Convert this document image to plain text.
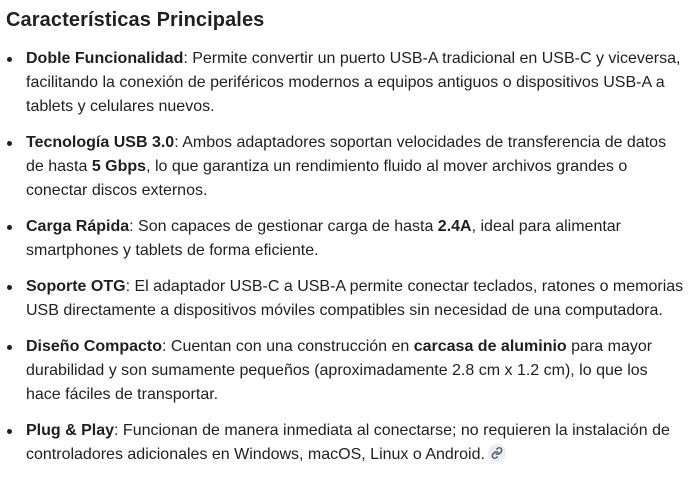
Características Principales
Doble Funcionalidad: Permite convertir un puerto USB-A tradicional en USB-C y viceversa, facilitando la conexión de periféricos modernos a equipos antiguos o dispositivos USB-A a tablets y celulares nuevos.
Tecnología USB 3.0: Ambos adaptadores soportan velocidades de transferencia de datos de hasta 5 Gbps, lo que garantiza un rendimiento fluido al mover archivos grandes o conectar discos externos.
Carga Rápida: Son capaces de gestionar carga de hasta 2.4A, ideal para alimentar smartphones y tablets de forma eficiente.
Soporte OTG: El adaptador USB-C a USB-A permite conectar teclados, ratones o memorias USB directamente a dispositivos móviles compatibles sin necesidad de una computadora.
Diseño Compacto: Cuentan con una construcción en carcasa de aluminio para mayor durabilidad y son sumamente pequeños (aproximadamente 2.8 cm x 1.2 cm), lo que los hace fáciles de transportar.
Plug & Play: Funcionan de manera inmediata al conectarse; no requieren la instalación de controladores adicionales en Windows, macOS, Linux o Android.
